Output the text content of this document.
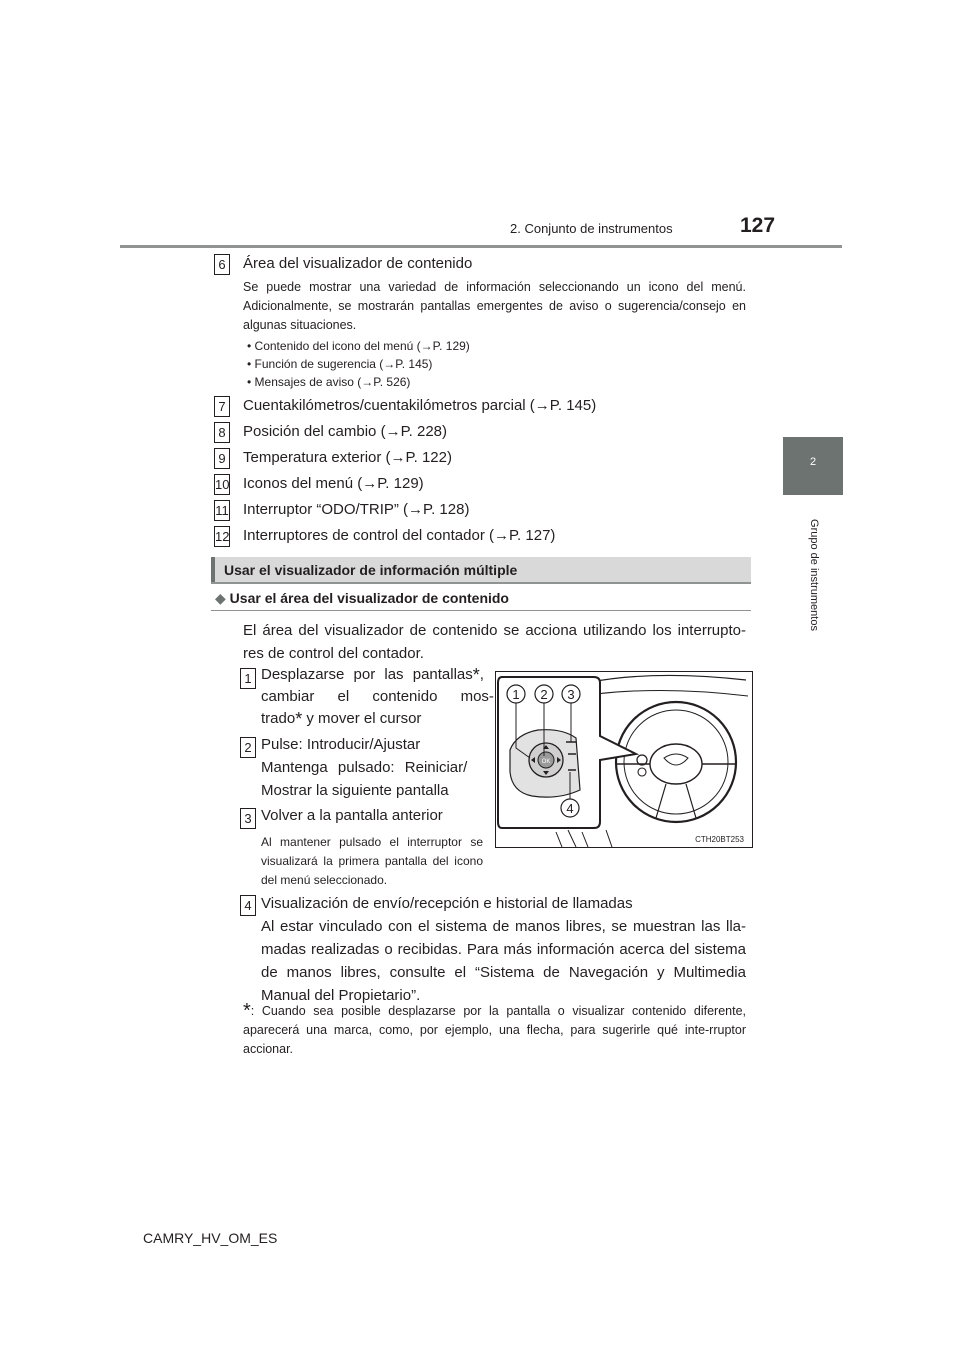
2. Conjunto de instrumentos	127
2
Grupo de instrumentos
6 Área del visualizador de contenido
Se puede mostrar una variedad de información seleccionando un icono del menú. Adicionalmente, se mostrarán pantallas emergentes de aviso o sugerencia/consejo en algunas situaciones.
• Contenido del icono del menú (→P. 129)
• Función de sugerencia (→P. 145)
• Mensajes de aviso (→P. 526)
7 Cuentakilómetros/cuentakilómetros parcial (→P. 145)
8 Posición del cambio (→P. 228)
9 Temperatura exterior (→P. 122)
10 Iconos del menú (→P. 129)
11 Interruptor “ODO/TRIP” (→P. 128)
12 Interruptores de control del contador (→P. 127)
Usar el visualizador de información múltiple
◆ Usar el área del visualizador de contenido
El área del visualizador de contenido se acciona utilizando los interrupto-res de control del contador.
1 Desplazarse por las pantallas*,
cambiar el contenido mos-
trado* y mover el cursor
2 Pulse: Introducir/Ajustar
Mantenga pulsado: Reiniciar/
Mostrar la siguiente pantalla
3 Volver a la pantalla anterior
Al mantener pulsado el interruptor se visualizará la primera pantalla del icono del menú seleccionado.
OK
1 2 3
4
CTH20BT253
4 Visualización de envío/recepción e historial de llamadas
Al estar vinculado con el sistema de manos libres, se muestran las lla-madas realizadas o recibidas. Para más información acerca del sistema de manos libres, consulte el “Sistema de Navegación y Multimedia Manual del Propietario”.
*: Cuando sea posible desplazarse por la pantalla o visualizar contenido diferente, aparecerá una marca, como, por ejemplo, una flecha, para sugerirle qué inte-rruptor accionar.
CAMRY_HV_OM_ES
